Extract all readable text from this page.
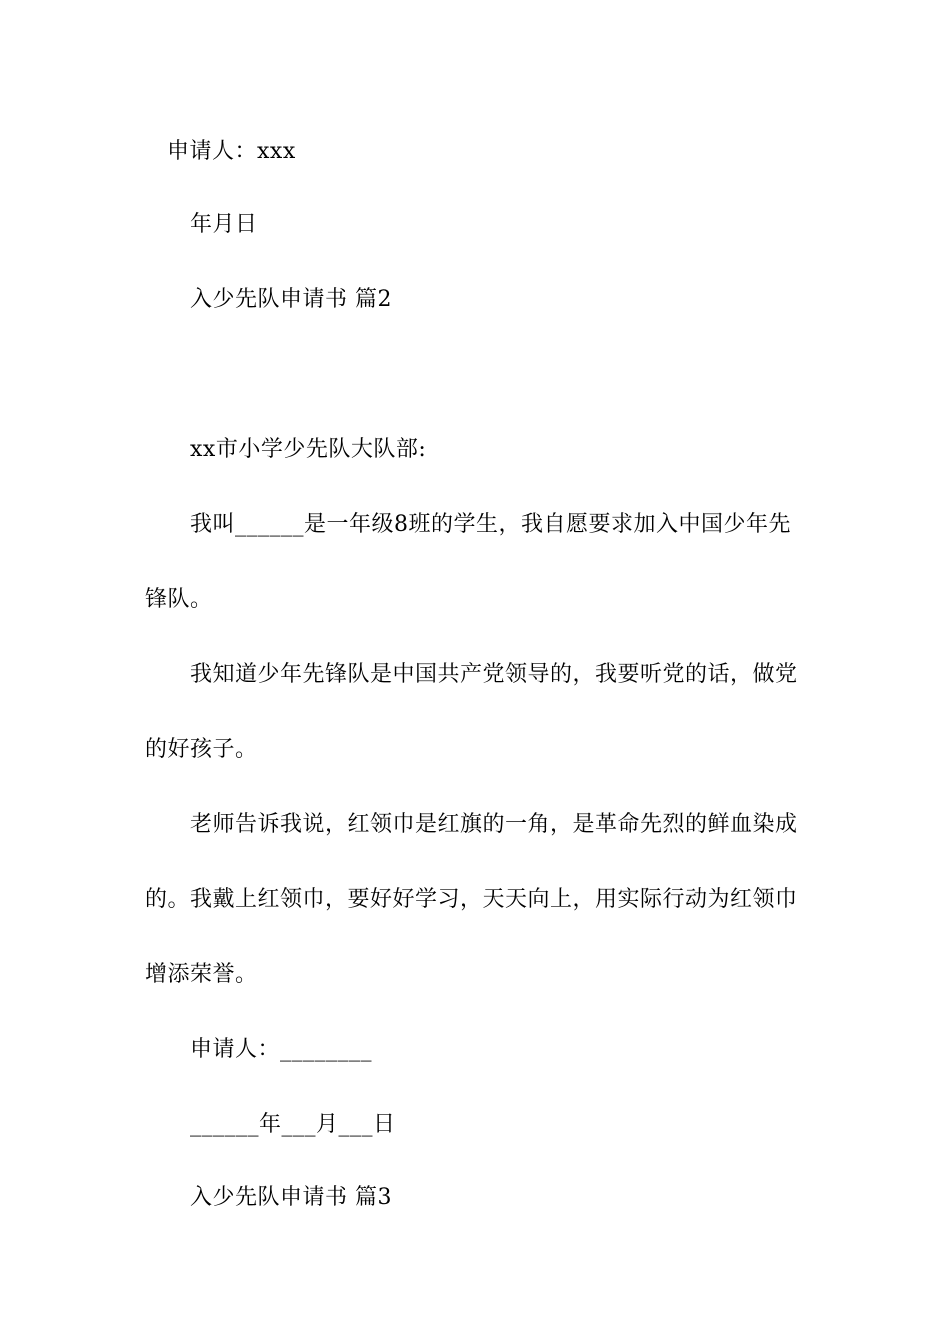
申请人：xxx
年月日
入少先队申请书 篇2
xx市小学少先队大队部:
我叫______是一年级8班的学生，我自愿要求加入中国少年先
锋队。
我知道少年先锋队是中国共产党领导的，我要听党的话，做党
的好孩子。
老师告诉我说，红领巾是红旗的一角，是革命先烈的鲜血染成
的。我戴上红领巾，要好好学习，天天向上，用实际行动为红领巾
增添荣誉。
申请人：________
______年___月___日
入少先队申请书 篇3
